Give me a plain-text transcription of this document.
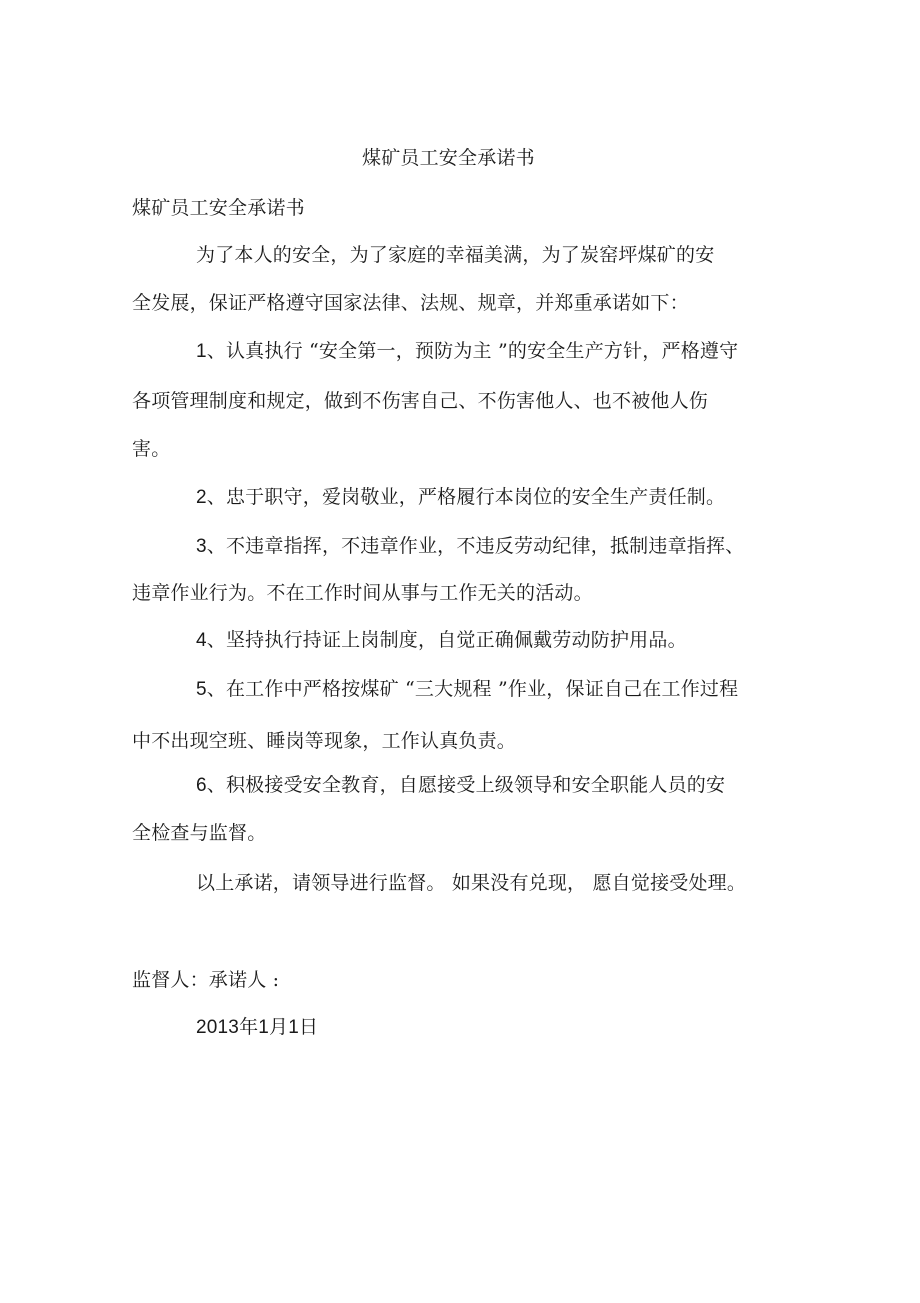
煤矿员工安全承诺书
煤矿员工安全承诺书
为了本人的安全，为了家庭的幸福美满，为了炭窑坪煤矿的安
全发展，保证严格遵守国家法律、法规、规章，并郑重承诺如下：
1、认真执行 “安全第一，预防为主 ”的安全生产方针，严格遵守
各项管理制度和规定，做到不伤害自己、不伤害他人、也不被他人伤
害。
2、忠于职守，爱岗敬业，严格履行本岗位的安全生产责任制。
3、不违章指挥，不违章作业，不违反劳动纪律，抵制违章指挥、
违章作业行为。不在工作时间从事与工作无关的活动。
4、坚持执行持证上岗制度，自觉正确佩戴劳动防护用品。
5、在工作中严格按煤矿 “三大规程 ”作业，保证自己在工作过程
中不出现空班、睡岗等现象，工作认真负责。
6、积极接受安全教育，自愿接受上级领导和安全职能人员的安
全检查与监督。
以上承诺，请领导进行监督。 如果没有兑现， 愿自觉接受处理。
监督人：承诺人 :
2013年1月1日
